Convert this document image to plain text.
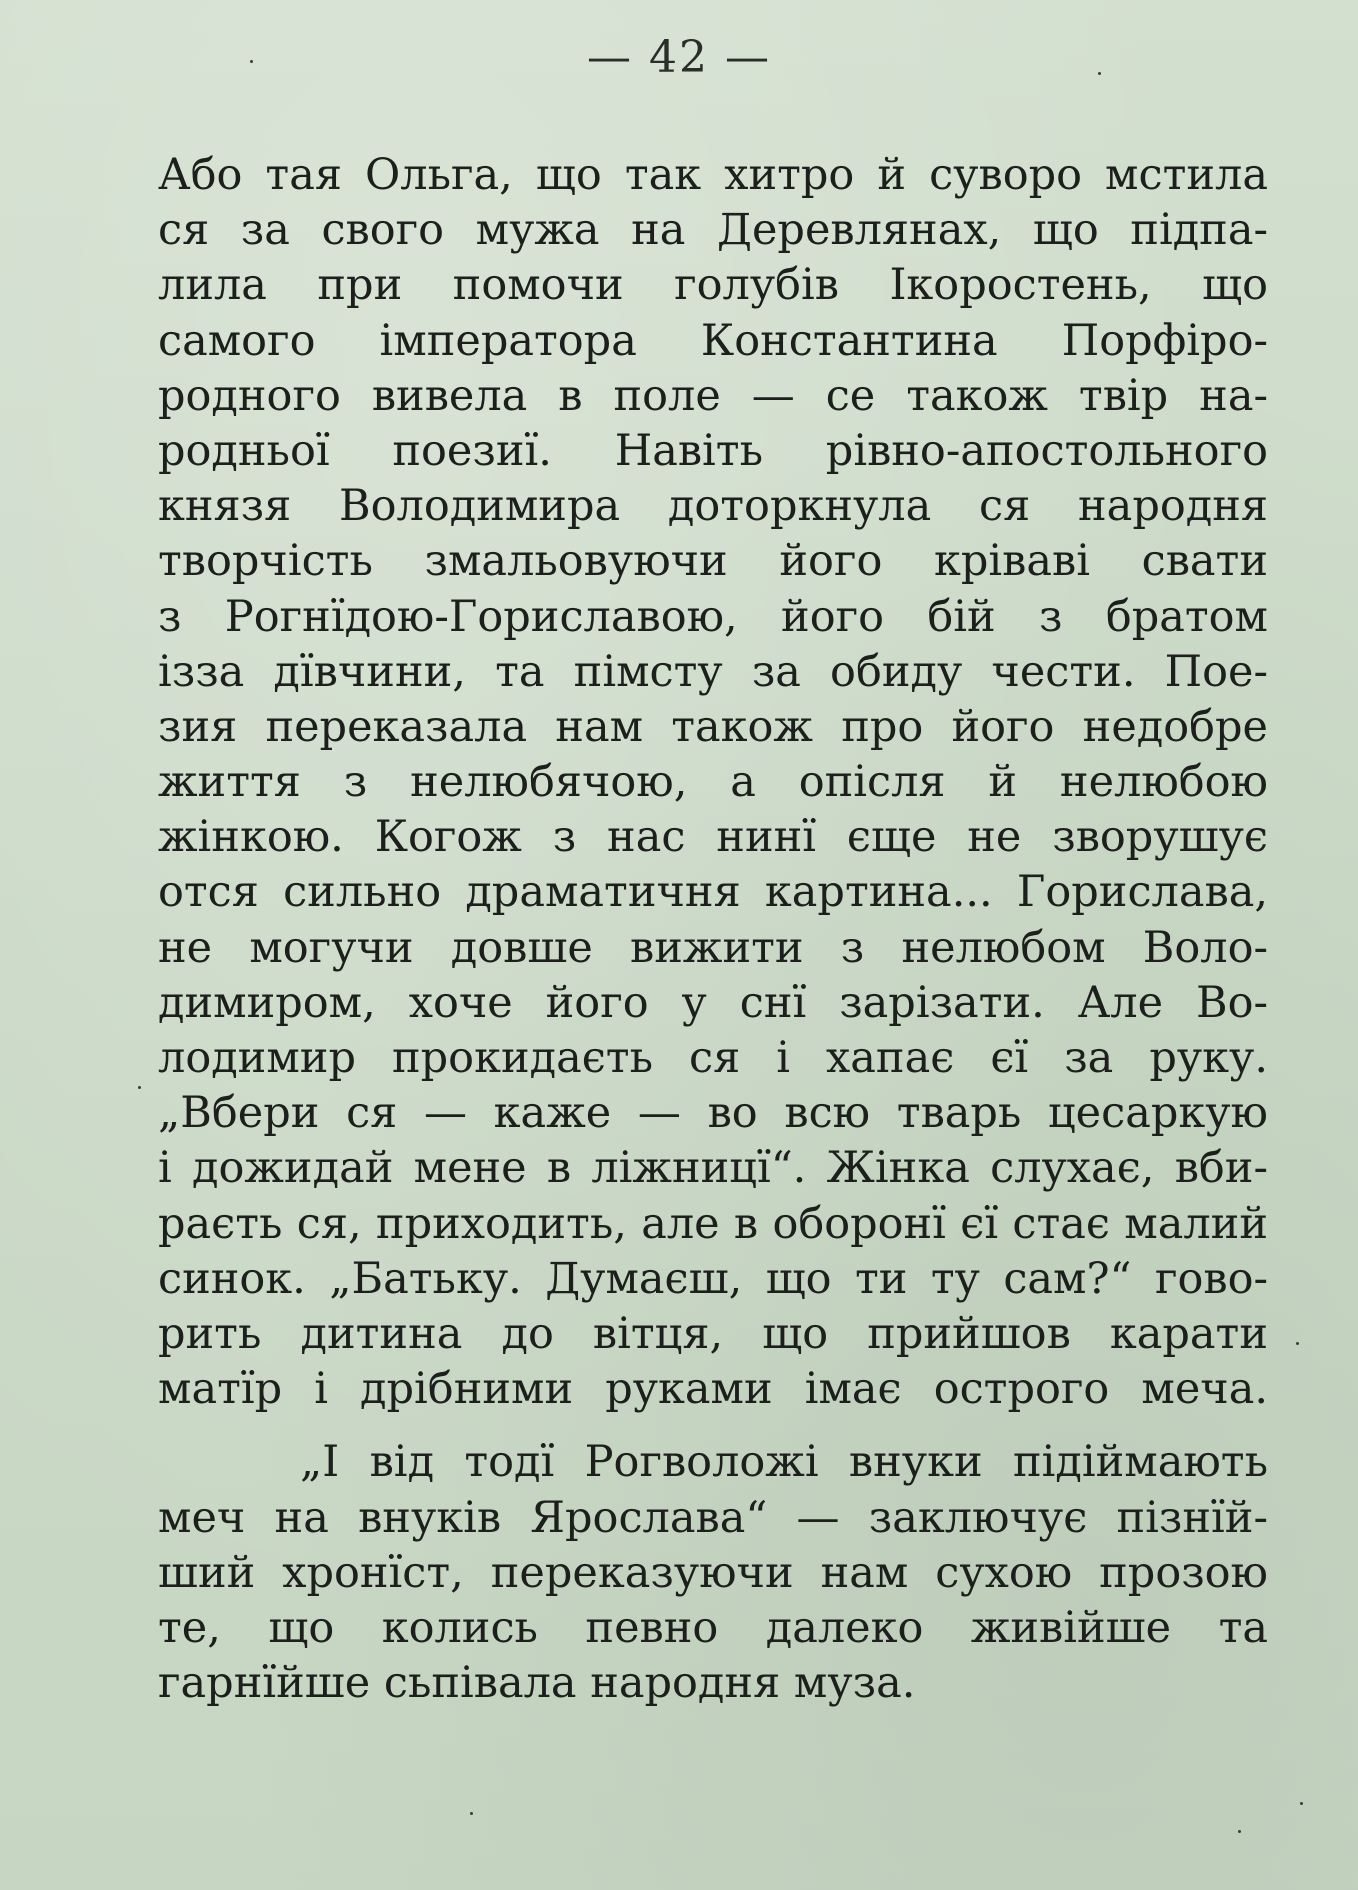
— 42 —
Або тая Ольга, що так хитро й суворо мстила
ся за свого мужа на Деревлянах, що підпа-
лила при помочи голубів Ікоростень, що
самого імператора Константина Порфіро-
родного вивела в поле — се також твір на-
родньої поезиї. Навіть рівно-апостольного
князя Володимира доторкнула ся народня
творчість змальовуючи його кріваві свати
з Рогнїдою-Гориславою, його бій з братом
ізза дївчини, та пімсту за обиду чести. Пое-
зия переказала нам також про його недобре
життя з нелюбячою, а опісля й нелюбою
жінкою. Когож з нас нинї єще не зворушує
отся сильно драматичня картина... Горислава,
не могучи довше вижити з нелюбом Воло-
димиром, хоче його у снї зарізати. Але Во-
лодимир прокидаєть ся і хапає єї за руку.
„Вбери ся — каже — во всю тварь цесаркую
і дожидай мене в ліжницї“. Жінка слухає, вби-
раєть ся, приходить, але в оборонї єї стає малий
синок. „Батьку. Думаєш, що ти ту сам?“ гово-
рить дитина до вітця, що прийшов карати
матїр і дрібними руками імає острого меча.
„І від тодї Рогволожі внуки підіймають
меч на внуків Ярослава“ — заключує пізнїй-
ший хронїст, переказуючи нам сухою прозою
те, що колись певно далеко живійше та
гарнїйше сьпівала народня муза.
